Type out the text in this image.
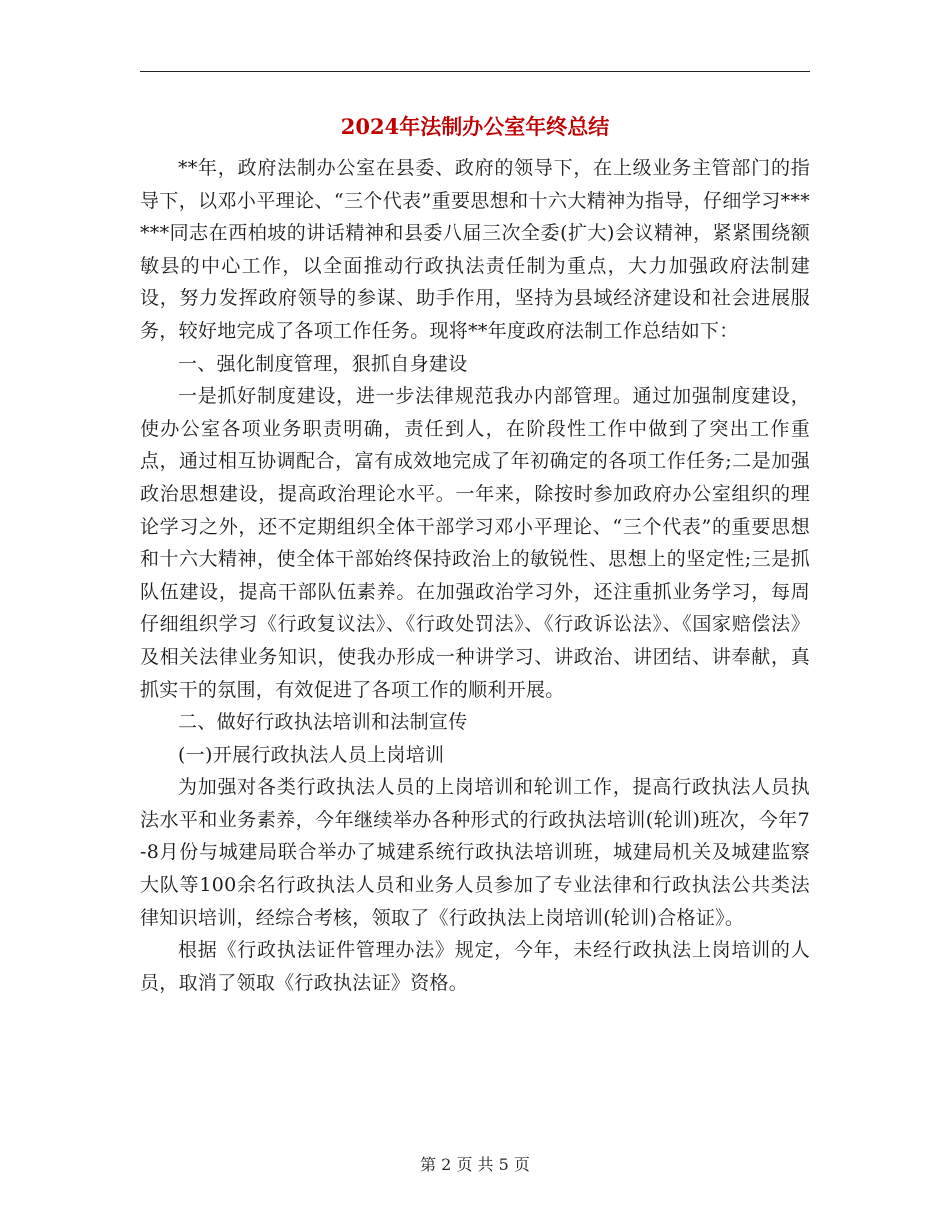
2024年法制办公室年终总结

**年，政府法制办公室在县委、政府的领导下，在上级业务主管部门的指导下，以邓小平理论、“三个代表”重要思想和十六大精神为指导，仔细学习******同志在西柏坡的讲话精神和县委八届三次全委(扩大)会议精神，紧紧围绕额敏县的中心工作，以全面推动行政执法责任制为重点，大力加强政府法制建设，努力发挥政府领导的参谋、助手作用，坚持为县域经济建设和社会进展服务，较好地完成了各项工作任务。现将**年度政府法制工作总结如下：

一、强化制度管理，狠抓自身建设

一是抓好制度建设，进一步法律规范我办内部管理。通过加强制度建设，使办公室各项业务职责明确，责任到人，在阶段性工作中做到了突出工作重点，通过相互协调配合，富有成效地完成了年初确定的各项工作任务;二是加强政治思想建设，提高政治理论水平。一年来，除按时参加政府办公室组织的理论学习之外，还不定期组织全体干部学习邓小平理论、“三个代表”的重要思想和十六大精神，使全体干部始终保持政治上的敏锐性、思想上的坚定性;三是抓队伍建设，提高干部队伍素养。在加强政治学习外，还注重抓业务学习，每周仔细组织学习《行政复议法》、《行政处罚法》、《行政诉讼法》、《国家赔偿法》及相关法律业务知识，使我办形成一种讲学习、讲政治、讲团结、讲奉献，真抓实干的氛围，有效促进了各项工作的顺利开展。

二、做好行政执法培训和法制宣传

(一)开展行政执法人员上岗培训

为加强对各类行政执法人员的上岗培训和轮训工作，提高行政执法人员执法水平和业务素养，今年继续举办各种形式的行政执法培训(轮训)班次，今年7-8月份与城建局联合举办了城建系统行政执法培训班，城建局机关及城建监察大队等100余名行政执法人员和业务人员参加了专业法律和行政执法公共类法律知识培训，经综合考核，领取了《行政执法上岗培训(轮训)合格证》。

根据《行政执法证件管理办法》规定，今年，未经行政执法上岗培训的人员，取消了领取《行政执法证》资格。

第 2 页 共 5 页
